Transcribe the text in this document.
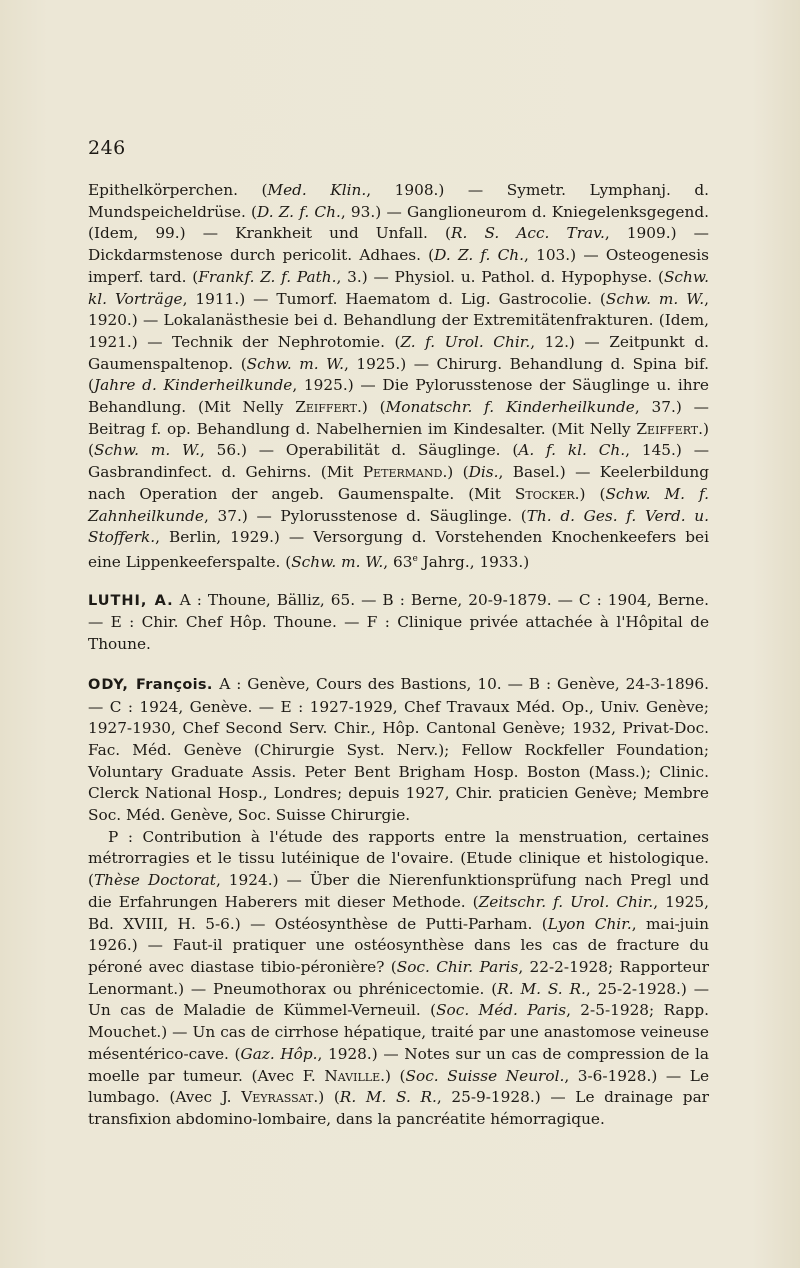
246

Epithelkörperchen. (Med. Klin., 1908.) — Symetr. Lymphanj. d. Mundspeicheldrüse. (D. Z. f. Ch., 93.) — Ganglioneurom d. Kniegelenksgegend. (Idem, 99.) — Krankheit und Unfall. (R. S. Acc. Trav., 1909.) — Dickdarmstenose durch pericolit. Adhaes. (D. Z. f. Ch., 103.) — Osteogenesis imperf. tard. (Frankf. Z. f. Path., 3.) — Physiol. u. Pathol. d. Hypophyse. (Schw. kl. Vorträge, 1911.) — Tumorf. Haematom d. Lig. Gastrocolie. (Schw. m. W., 1920.) — Lokalanästhesie bei d. Behandlung der Extremitätenfrakturen. (Idem, 1921.) — Technik der Nephrotomie. (Z. f. Urol. Chir., 12.) — Zeitpunkt d. Gaumenspaltenop. (Schw. m. W., 1925.) — Chirurg. Behandlung d. Spina bif. (Jahre d. Kinderheilkunde, 1925.) — Die Pylorusstenose der Säuglinge u. ihre Behandlung. (Mit Nelly Zeiffert.) (Monatschr. f. Kinderheilkunde, 37.) — Beitrag f. op. Behandlung d. Nabelhernien im Kindesalter. (Mit Nelly Zeiffert.) (Schw. m. W., 56.) — Operabilität d. Säuglinge. (A. f. kl. Ch., 145.) — Gasbrandinfect. d. Gehirns. (Mit Petermand.) (Dis., Basel.) — Keelerbildung nach Operation der angeb. Gaumenspalte. (Mit Stocker.) (Schw. M. f. Zahnheilkunde, 37.) — Pylorusstenose d. Säuglinge. (Th. d. Ges. f. Verd. u. Stofferk., Berlin, 1929.) — Versorgung d. Vorstehenden Knochenkeefers bei eine Lippenkeeferspalte. (Schw. m. W., 63e Jahrg., 1933.)

LUTHI, A. A : Thoune, Bälliz, 65. — B : Berne, 20-9-1879. — C : 1904, Berne. — E : Chir. Chef Hôp. Thoune. — F : Clinique privée attachée à l'Hôpital de Thoune.

ODY, François. A : Genève, Cours des Bastions, 10. — B : Genève, 24-3-1896. — C : 1924, Genève. — E : 1927-1929, Chef Travaux Méd. Op., Univ. Genève; 1927-1930, Chef Second Serv. Chir., Hôp. Cantonal Genève; 1932, Privat-Doc. Fac. Méd. Genève (Chirurgie Syst. Nerv.); Fellow Rockfeller Foundation; Voluntary Graduate Assis. Peter Bent Brigham Hosp. Boston (Mass.); Clinic. Clerck National Hosp., Londres; depuis 1927, Chir. praticien Genève; Membre Soc. Méd. Genève, Soc. Suisse Chirurgie.

P : Contribution à l'étude des rapports entre la menstruation, certaines métrorragies et le tissu lutéinique de l'ovaire. (Etude clinique et histologique. (Thèse Doctorat, 1924.) — Über die Nierenfunktionsprüfung nach Pregl und die Erfahrungen Haberers mit dieser Methode. (Zeitschr. f. Urol. Chir., 1925, Bd. XVIII, H. 5-6.) — Ostéosynthèse de Putti-Parham. (Lyon Chir., mai-juin 1926.) — Faut-il pratiquer une ostéosynthèse dans les cas de fracture du péroné avec diastase tibio-péronière? (Soc. Chir. Paris, 22-2-1928; Rapporteur Lenormant.) — Pneumothorax ou phrénicectomie. (R. M. S. R., 25-2-1928.) — Un cas de Maladie de Kümmel-Verneuil. (Soc. Méd. Paris, 2-5-1928; Rapp. Mouchet.) — Un cas de cirrhose hépatique, traité par une anastomose veineuse mésentérico-cave. (Gaz. Hôp., 1928.) — Notes sur un cas de compression de la moelle par tumeur. (Avec F. Naville.) (Soc. Suisse Neurol., 3-6-1928.) — Le lumbago. (Avec J. Veyrassat.) (R. M. S. R., 25-9-1928.) — Le drainage par transfixion abdomino-lombaire, dans la pancréatite hémorragique.
